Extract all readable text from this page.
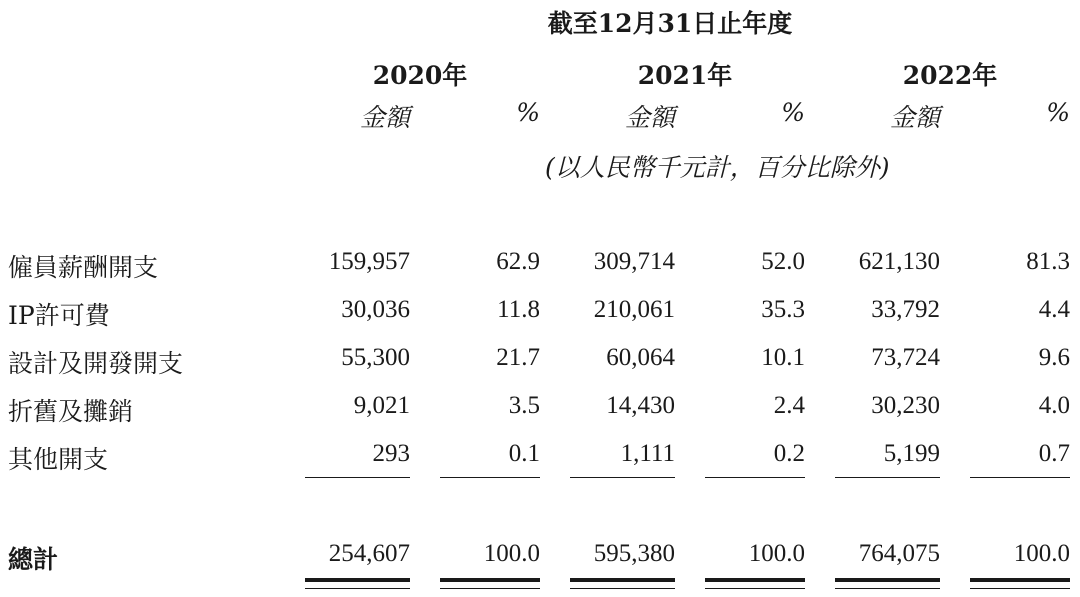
截至12月31日止年度
2020年	2021年	2022年
金額	%	金額	%	金額	%
(以人民幣千元計，百分比除外)
僱員薪酬開支	159,957	62.9	309,714	52.0	621,130	81.3
IP許可費	30,036	11.8	210,061	35.3	33,792	4.4
設計及開發開支	55,300	21.7	60,064	10.1	73,724	9.6
折舊及攤銷	9,021	3.5	14,430	2.4	30,230	4.0
其他開支	293	0.1	1,111	0.2	5,199	0.7
總計	254,607	100.0	595,380	100.0	764,075	100.0
